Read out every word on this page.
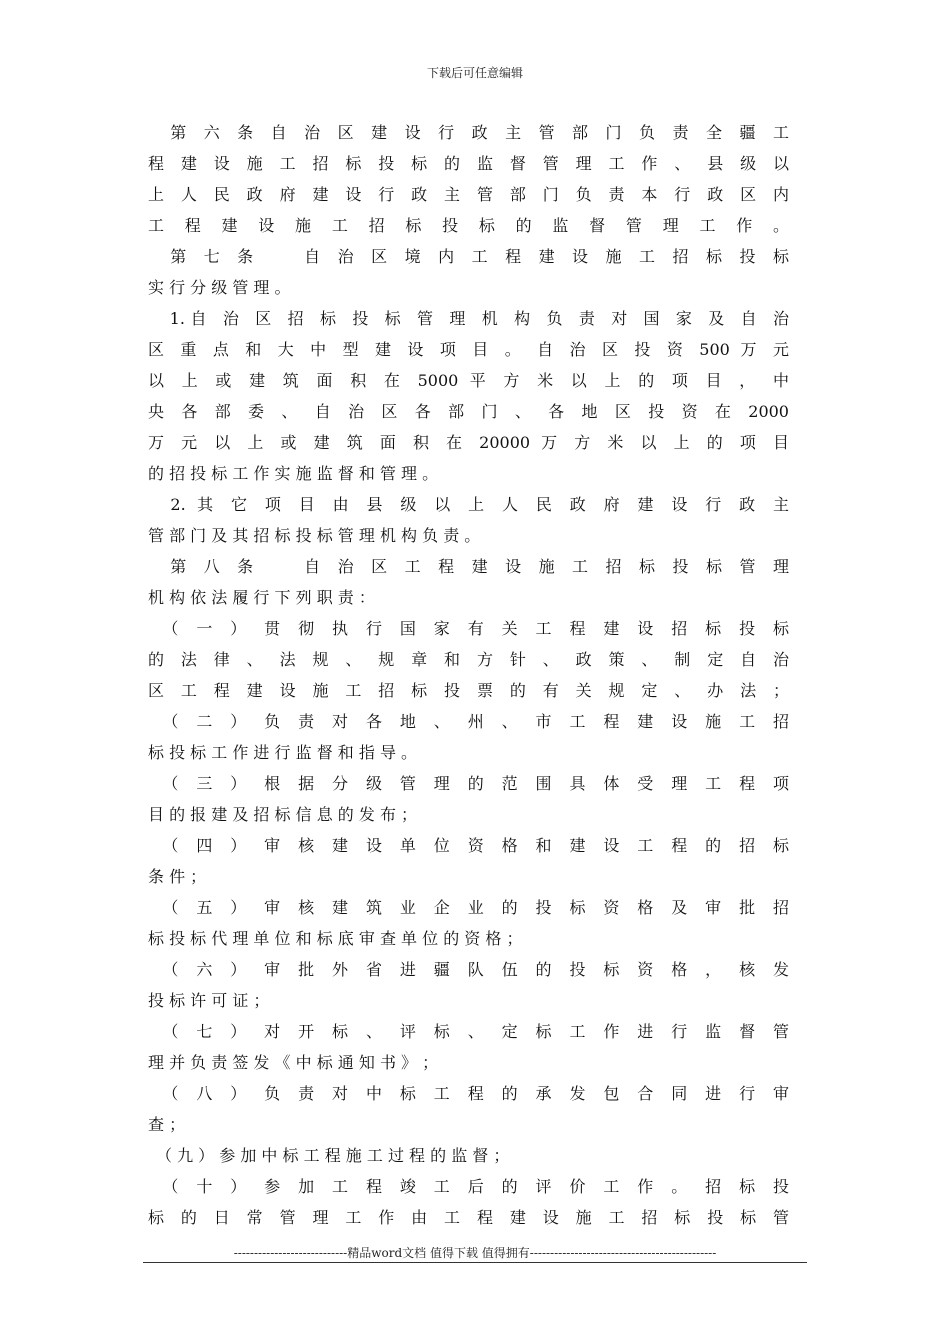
下载后可任意编辑
　第 六 条 自 治 区 建 设 行 政 主 管 部 门 负 责 全 疆 工
程 建 设 施 工 招 标 投 标 的 监 督 管 理 工 作 、 县 级 以
上 人 民 政 府 建 设 行 政 主 管 部 门 负 责 本 行 政 区 内
工 程 建 设 施 工 招 标 投 标 的 监 督 管 理 工 作 。
　第 七 条 　 自 治 区 境 内 工 程 建 设 施 工 招 标 投 标
实 行 分 级 管 理 。
　1.自 治 区 招 标 投 标 管 理 机 构 负 责 对 国 家 及 自 治
区 重 点 和 大 中 型 建 设 项 目 。 自 治 区 投 资 500 万 元
以 上 或 建 筑 面 积 在 5000 平 方 米 以 上 的 项 目 ， 中
央 各 部 委 、 自 治 区 各 部 门 、 各 地 区 投 资 在 2000
万 元 以 上 或 建 筑 面 积 在 20000 万 方 米 以 上 的 项 目
的 招 投 标 工 作 实 施 监 督 和 管 理 。
　2. 其 它 项 目 由 县 级 以 上 人 民 政 府 建 设 行 政 主
管 部 门 及 其 招 标 投 标 管 理 机 构 负 责 。
　第 八 条 　 自 治 区 工 程 建 设 施 工 招 标 投 标 管 理
机 构 依 法 履 行 下 列 职 责 ：
　（ 一 ） 贯 彻 执 行 国 家 有 关 工 程 建 设 招 标 投 标
的 法 律 、 法 规 、 规 章 和 方 针 、 政 策 、 制 定 自 治
区 工 程 建 设 施 工 招 标 投 票 的 有 关 规 定 、 办 法 ；
　（ 二 ） 负 责 对 各 地 、 州 、 市 工 程 建 设 施 工 招
标 投 标 工 作 进 行 监 督 和 指 导 。
　（ 三 ） 根 据 分 级 管 理 的 范 围 具 体 受 理 工 程 项
目 的 报 建 及 招 标 信 息 的 发 布 ；
　（ 四 ） 审 核 建 设 单 位 资 格 和 建 设 工 程 的 招 标
条 件 ；
　（ 五 ） 审 核 建 筑 业 企 业 的 投 标 资 格 及 审 批 招
标 投 标 代 理 单 位 和 标 底 审 查 单 位 的 资 格 ；
　（ 六 ） 审 批 外 省 进 疆 队 伍 的 投 标 资 格 ， 核 发
投 标 许 可 证 ；
　（ 七 ） 对 开 标 、 评 标 、 定 标 工 作 进 行 监 督 管
理 并 负 责 签 发 《 中 标 通 知 书 》 ；
　（ 八 ） 负 责 对 中 标 工 程 的 承 发 包 合 同 进 行 审
查 ；
　（ 九 ） 参 加 中 标 工 程 施 工 过 程 的 监 督 ；
　（ 十 ） 参 加 工 程 竣 工 后 的 评 价 工 作 。 招 标 投
标 的 日 常 管 理 工 作 由 工 程 建 设 施 工 招 标 投 标 管
----------------------------精品word文档 值得下载 值得拥有----------------------------------------------
